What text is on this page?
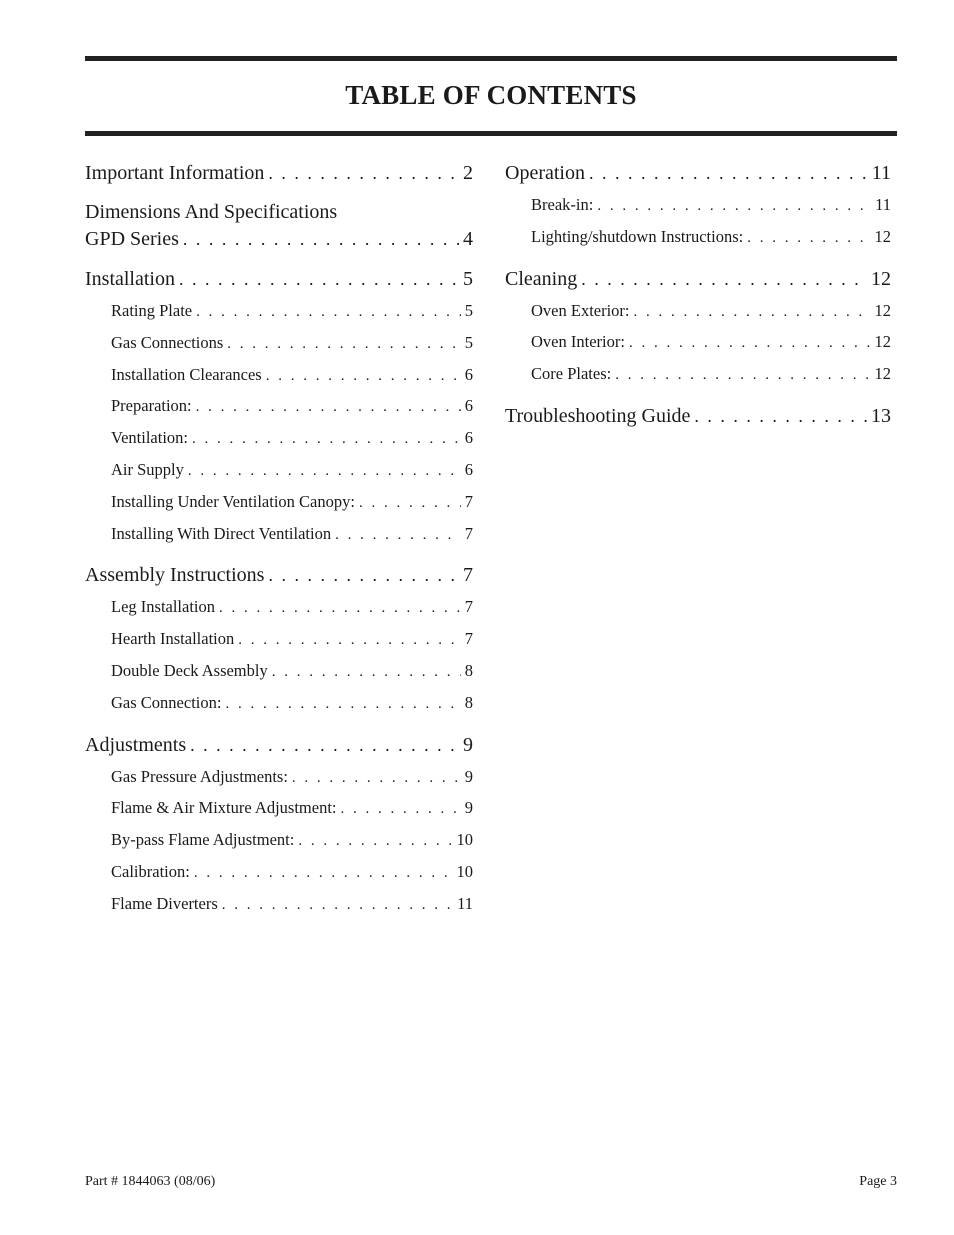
TABLE OF CONTENTS
Important Information . . .	2
Dimensions And Specifications
GPD Series . . .	4
Installation . . .	5
Rating Plate . . .	5
Gas Connections . . .	5
Installation Clearances . . .	6
Preparation: . . .	6
Ventilation: . . .	6
Air Supply . . .	6
Installing Under Ventilation Canopy: . . .	7
Installing With Direct Ventilation . . .	7
Assembly Instructions . . .	7
Leg Installation . . .	7
Hearth Installation . . .	7
Double Deck Assembly . . .	8
Gas Connection: . . .	8
Adjustments . . .	9
Gas Pressure Adjustments: . . .	9
Flame & Air Mixture Adjustment: . . .	9
By-pass Flame Adjustment: . . .	10
Calibration: . . .	10
Flame Diverters . . .	11
Operation . . .	11
Break-in: . . .	11
Lighting/shutdown Instructions: . . .	12
Cleaning . . .	12
Oven Exterior: . . .	12
Oven Interior: . . .	12
Core Plates: . . .	12
Troubleshooting Guide . . .	13
Part # 1844063 (08/06)	Page 3
